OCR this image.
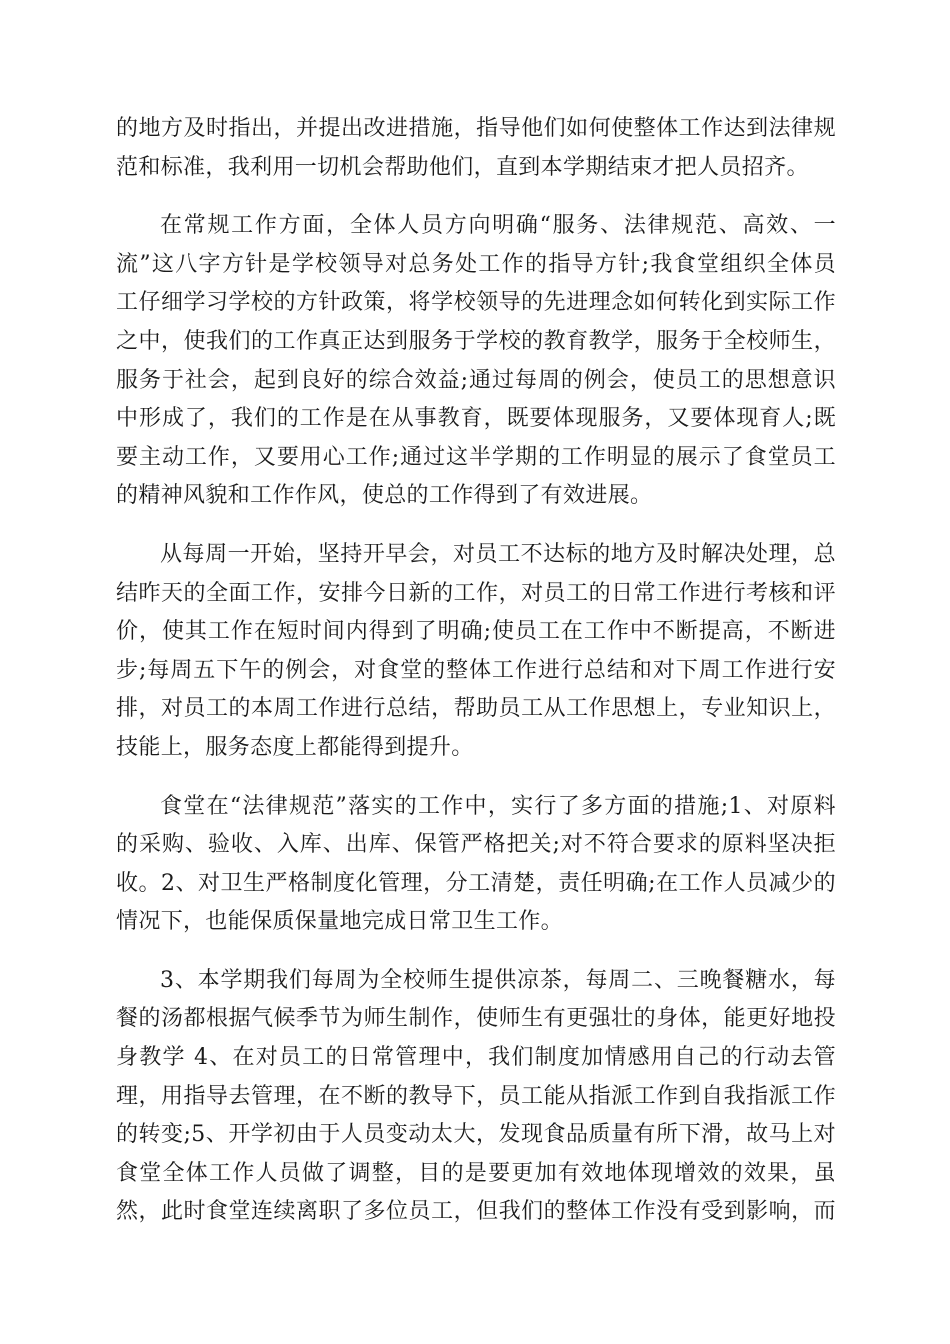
的地方及时指出，并提出改进措施，指导他们如何使整体工作达到法律规
范和标准，我利用一切机会帮助他们，直到本学期结束才把人员招齐。
在常规工作方面，全体人员方向明确“服务、法律规范、高效、一
流”这八字方针是学校领导对总务处工作的指导方针;我食堂组织全体员
工仔细学习学校的方针政策，将学校领导的先进理念如何转化到实际工作
之中，使我们的工作真正达到服务于学校的教育教学，服务于全校师生，
服务于社会，起到良好的综合效益;通过每周的例会，使员工的思想意识
中形成了，我们的工作是在从事教育，既要体现服务，又要体现育人;既
要主动工作，又要用心工作;通过这半学期的工作明显的展示了食堂员工
的精神风貌和工作作风，使总的工作得到了有效进展。
从每周一开始，坚持开早会，对员工不达标的地方及时解决处理，总
结昨天的全面工作，安排今日新的工作，对员工的日常工作进行考核和评
价，使其工作在短时间内得到了明确;使员工在工作中不断提高，不断进
步;每周五下午的例会，对食堂的整体工作进行总结和对下周工作进行安
排，对员工的本周工作进行总结，帮助员工从工作思想上，专业知识上，
技能上，服务态度上都能得到提升。
食堂在“法律规范”落实的工作中，实行了多方面的措施;1、对原料
的采购、验收、入库、出库、保管严格把关;对不符合要求的原料坚决拒
收。2、对卫生严格制度化管理，分工清楚，责任明确;在工作人员减少的
情况下，也能保质保量地完成日常卫生工作。
3、本学期我们每周为全校师生提供凉茶，每周二、三晚餐糖水，每
餐的汤都根据气候季节为师生制作，使师生有更强壮的身体，能更好地投
身教学 4、在对员工的日常管理中，我们制度加情感用自己的行动去管
理，用指导去管理，在不断的教导下，员工能从指派工作到自我指派工作
的转变;5、开学初由于人员变动太大，发现食品质量有所下滑，故马上对
食堂全体工作人员做了调整，目的是要更加有效地体现增效的效果，虽
然，此时食堂连续离职了多位员工，但我们的整体工作没有受到影响，而
